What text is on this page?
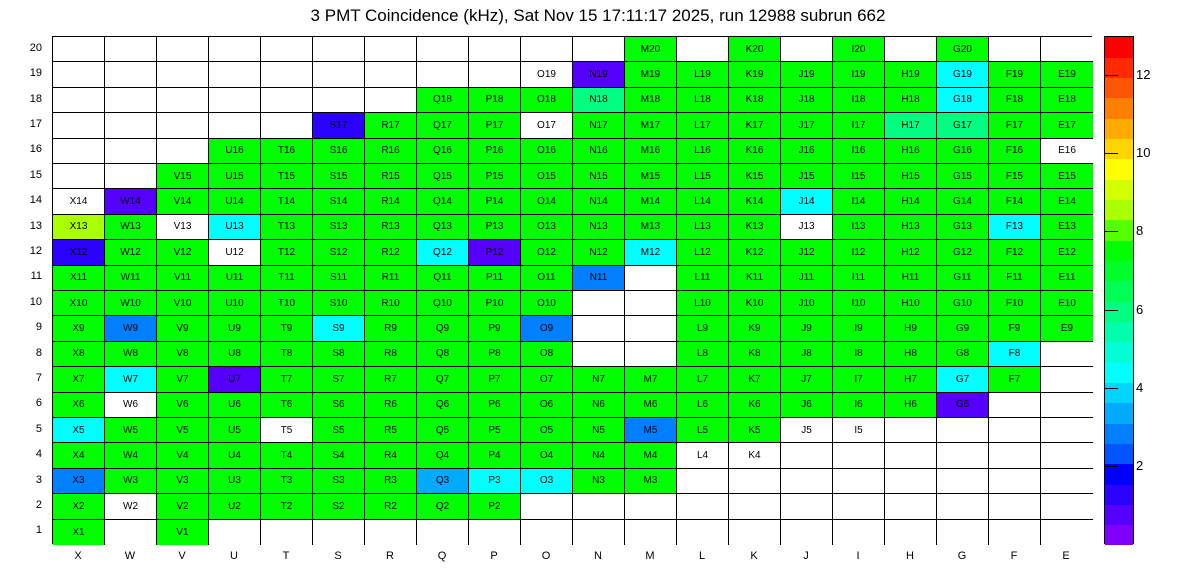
3 PMT Coincidence (kHz), Sat Nov 15 17:11:17 2025, run 12988 subrun 662
M20	K20	I20	G20
O19	N19	M19	L19	K19	J19	I19	H19	G19	F19	E19
Q18	P18	O18	N18	M18	L18	K18	J18	I18	H18	G18	F18	E18
S17	R17	Q17	P17	O17	N17	M17	L17	K17	J17	I17	H17	G17	F17	E17
U16	T16	S16	R16	Q16	P16	O16	N16	M16	L16	K16	J16	I16	H16	G16	F16	E16
V15	U15	T15	S15	R15	Q15	P15	O15	N15	M15	L15	K15	J15	I15	H15	G15	F15	E15
X14	W14	V14	U14	T14	S14	R14	Q14	P14	O14	N14	M14	L14	K14	J14	I14	H14	G14	F14	E14
X13	W13	V13	U13	T13	S13	R13	Q13	P13	O13	N13	M13	L13	K13	J13	I13	H13	G13	F13	E13
X12	W12	V12	U12	T12	S12	R12	Q12	P12	O12	N12	M12	L12	K12	J12	I12	H12	G12	F12	E12
X11	W11	V11	U11	T11	S11	R11	Q11	P11	O11	N11	L11	K11	J11	I11	H11	G11	F11	E11
X10	W10	V10	U10	T10	S10	R10	Q10	P10	O10	L10	K10	J10	I10	H10	G10	F10	E10
X9	W9	V9	U9	T9	S9	R9	Q9	P9	O9	L9	K9	J9	I9	H9	G9	F9	E9
X8	W8	V8	U8	T8	S8	R8	Q8	P8	O8	L8	K8	J8	I8	H8	G8	F8
X7	W7	V7	U7	T7	S7	R7	Q7	P7	O7	N7	M7	L7	K7	J7	I7	H7	G7	F7
X6	W6	V6	U6	T6	S6	R6	Q6	P6	O6	N6	M6	L6	K6	J6	I6	H6	G6
X5	W5	V5	U5	T5	S5	R5	Q5	P5	O5	N5	M5	L5	K5	J5	I5
X4	W4	V4	U4	T4	S4	R4	Q4	P4	O4	N4	M4	L4	K4
X3	W3	V3	U3	T3	S3	R3	Q3	P3	O3	N3	M3
X2	W2	V2	U2	T2	S2	R2	Q2	P2
X1	V1
20
19
18
17
16
15
14
13
12
11
10
9
8
7
6
5
4
3
2
1
X	W	V	U	T	S	R	Q	P	O	N	M	L	K	J	I	H	G	F	E
2
4
6
8
10
12
